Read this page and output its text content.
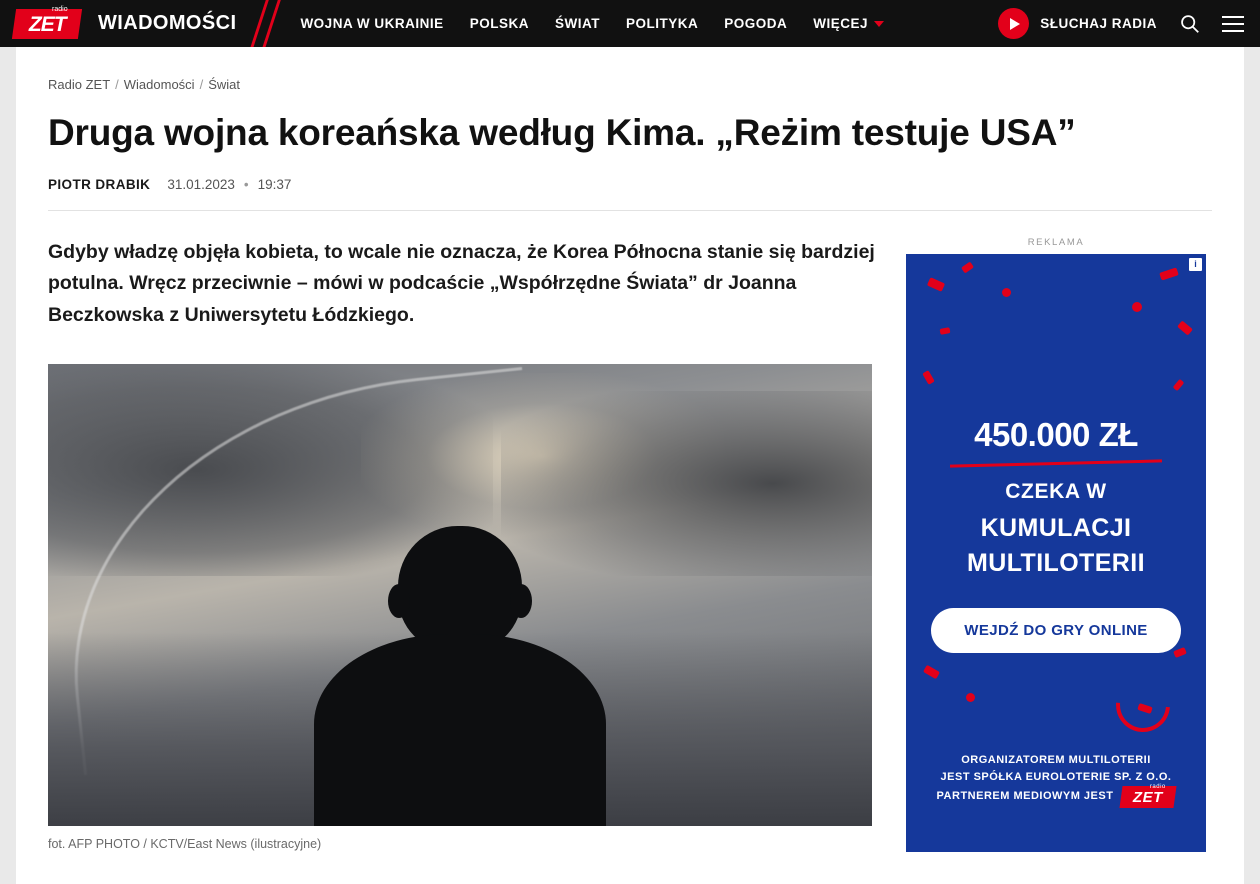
ZET
radio
WIADOMOŚCI	WOJNA W UKRAINIE POLSKA ŚWIAT POLITYKA POGODA WIĘCEJ	SŁUCHAJ RADIA
Radio ZET / Wiadomości / Świat
Druga wojna koreańska według Kima. „Reżim testuje USA”
PIOTR DRABIK 31.01.2023 • 19:37

Gdyby władzę objęła kobieta, to wcale nie oznacza, że Korea Północna stanie się bardziej potulna. Wręcz przeciwnie – mówi w podcaście „Współrzędne Świata” dr Joanna Beczkowska z Uniwersytetu Łódzkiego.

fot. AFP PHOTO / KCTV/East News (ilustracyjne)
REKLAMA
i
450.000 ZŁ
CZEKA W
KUMULACJI
MULTILOTERII
WEJDŹ DO GRY ONLINE
ORGANIZATOREM MULTILOTERII
JEST SPÓŁKA EUROLOTERIE SP. Z O.O.
PARTNEREM MEDIOWYM JEST ZET
radio
